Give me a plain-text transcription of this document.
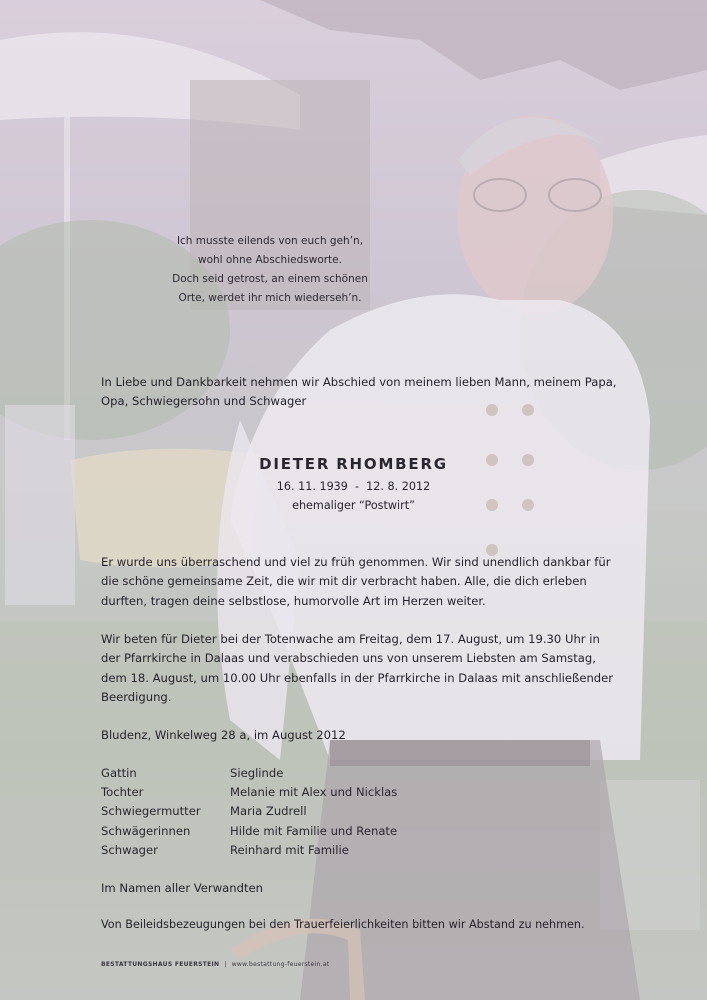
Ich musste eilends von euch geh’n,
wohl ohne Abschiedsworte.
Doch seid getrost, an einem schönen
Orte, werdet ihr mich wiederseh’n.
In Liebe und Dankbarkeit nehmen wir Abschied von meinem lieben Mann, meinem Papa,
Opa, Schwiegersohn und Schwager
DIETER RHOMBERG
16. 11. 1939  -  12. 8. 2012
ehemaliger “Postwirt”
Er wurde uns überraschend und viel zu früh genommen. Wir sind unendlich dankbar für
die schöne gemeinsame Zeit, die wir mit dir verbracht haben. Alle, die dich erleben
durften, tragen deine selbstlose, humorvolle Art im Herzen weiter.
Wir beten für Dieter bei der Totenwache am Freitag, dem 17. August, um 19.30 Uhr in
der Pfarrkirche in Dalaas und verabschieden uns von unserem Liebsten am Samstag,
dem 18. August, um 10.00 Uhr ebenfalls in der Pfarrkirche in Dalaas mit anschließender
Beerdigung.
Bludenz, Winkelweg 28 a, im August 2012
Gattin	Sieglinde
Tochter	Melanie mit Alex und Nicklas
Schwiegermutter	Maria Zudrell
Schwägerinnen	Hilde mit Familie und Renate
Schwager	Reinhard mit Familie
Im Namen aller Verwandten
Von Beileidsbezeugungen bei den Trauerfeierlichkeiten bitten wir Abstand zu nehmen.
BESTATTUNGSHAUS FEUERSTEIN | www.bestattung-feuerstein.at
